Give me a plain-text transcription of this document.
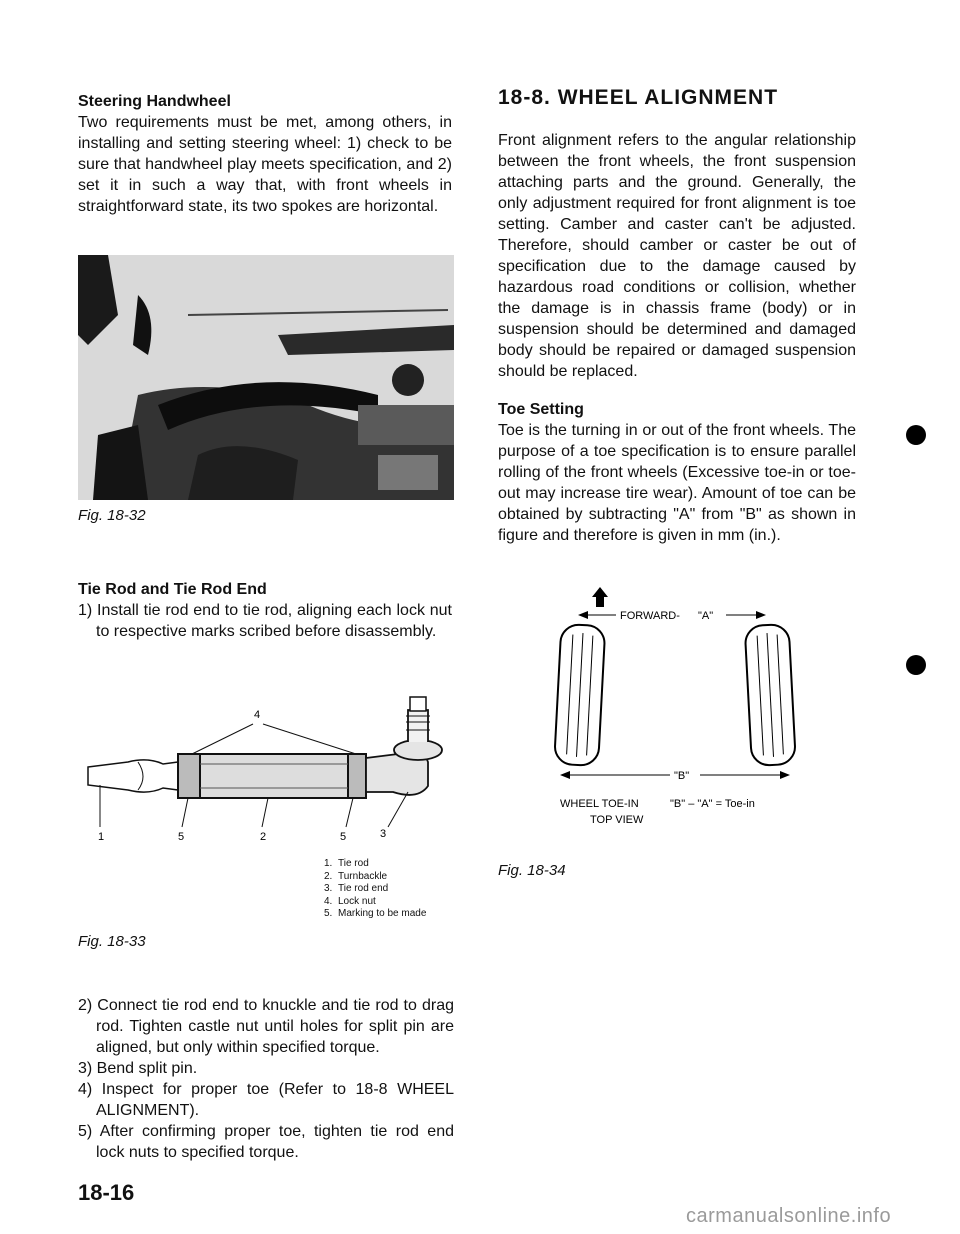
Steering Handwheel
Two requirements must be met, among others, in installing and setting steering wheel: 1) check to be sure that handwheel play meets specification, and 2) set it in such a way that, with front wheels in straightforward state, its two spokes are horizontal.
Fig. 18-32
Tie Rod and Tie Rod End
1) Install tie rod end to tie rod, aligning each lock nut to respective marks scribed before disassembly.
4
1	5	2	5	3
1. Tie rod
2. Turnbackle
3. Tie rod end
4. Lock nut
5. Marking to be made
Fig. 18-33
2) Connect tie rod end to knuckle and tie rod to drag rod. Tighten castle nut until holes for split pin are aligned, but only within specified torque.
3) Bend split pin.
4) Inspect for proper toe (Refer to 18-8 WHEEL ALIGNMENT).
5) After confirming proper toe, tighten tie rod end lock nuts to specified torque.
18-16
18-8. WHEEL ALIGNMENT
Front alignment refers to the angular relationship between the front wheels, the front suspension attaching parts and the ground. Generally, the only adjustment required for front alignment is toe setting. Camber and caster can't be adjusted. Therefore, should camber or caster be out of specification due to the damage caused by hazardous road conditions or collision, whether the damage is in chassis frame (body) or in suspension should be determined and damaged body should be repaired or damaged suspension should be replaced.
Toe Setting
Toe is the turning in or out of the front wheels. The purpose of a toe specification is to ensure parallel rolling of the front wheels (Excessive toe-in or toe-out may increase tire wear). Amount of toe can be obtained by subtracting "A" from "B" as shown in figure and therefore is given in mm (in.).
FORWARD- "A"
"B"
WHEEL TOE-IN	"B" – "A" = Toe-in
TOP VIEW
Fig. 18-34
carmanualsonline.info
